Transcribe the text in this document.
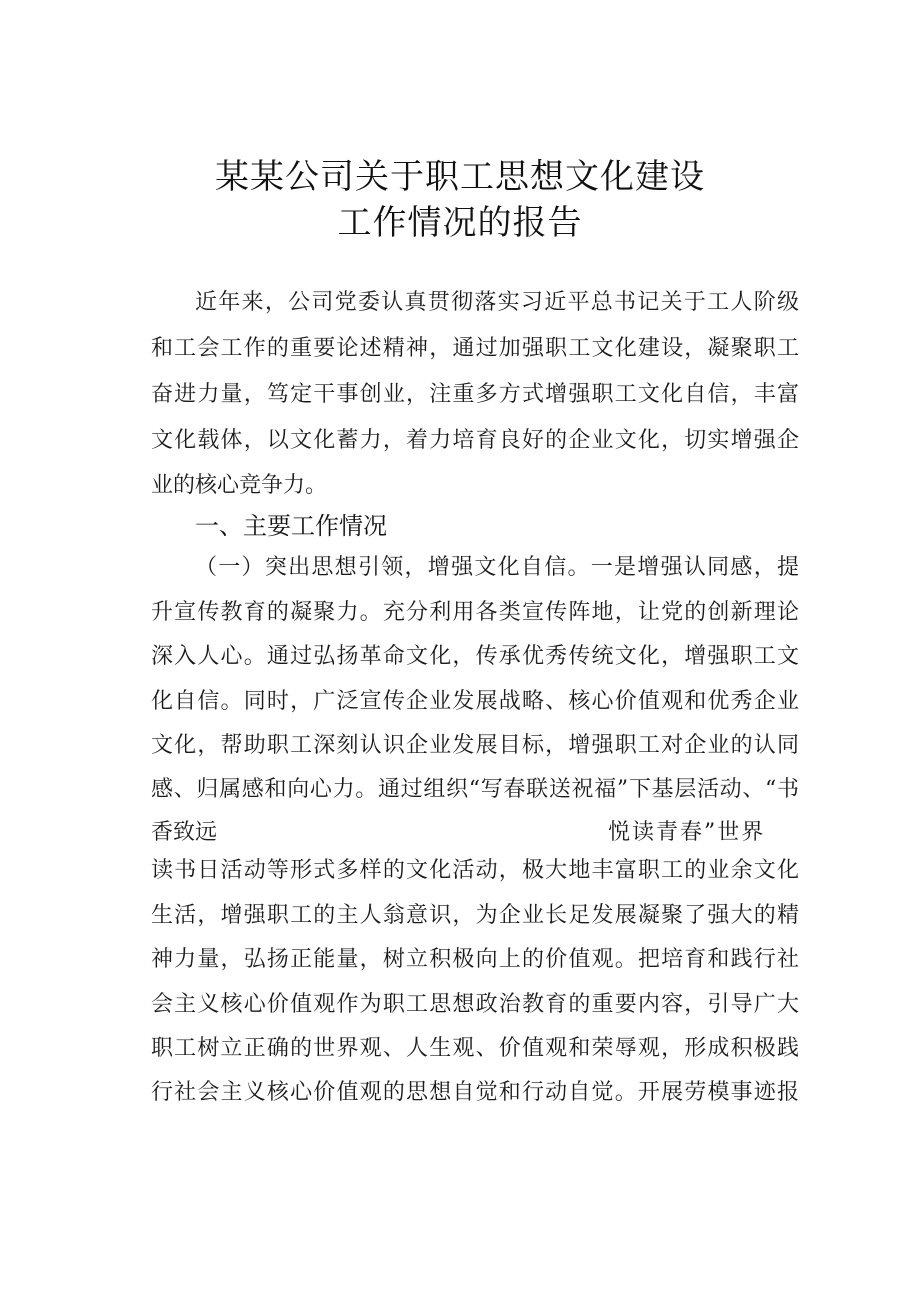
某某公司关于职工思想文化建设
工作情况的报告
近年来，公司党委认真贯彻落实习近平总书记关于工人阶级
和工会工作的重要论述精神，通过加强职工文化建设，凝聚职工
奋进力量，笃定干事创业，注重多方式增强职工文化自信，丰富
文化载体，以文化蓄力，着力培育良好的企业文化，切实增强企
业的核心竞争力。
一、主要工作情况
（一）突出思想引领，增强文化自信。一是增强认同感，提
升宣传教育的凝聚力。充分利用各类宣传阵地，让党的创新理论
深入人心。通过弘扬革命文化，传承优秀传统文化，增强职工文
化自信。同时，广泛宣传企业发展战略、核心价值观和优秀企业
文化，帮助职工深刻认识企业发展目标，增强职工对企业的认同
感、归属感和向心力。通过组织“写春联送祝福”下基层活动、“书
香致远	悦读青春”世界
读书日活动等形式多样的文化活动，极大地丰富职工的业余文化
生活，增强职工的主人翁意识，为企业长足发展凝聚了强大的精
神力量，弘扬正能量，树立积极向上的价值观。把培育和践行社
会主义核心价值观作为职工思想政治教育的重要内容，引导广大
职工树立正确的世界观、人生观、价值观和荣辱观，形成积极践
行社会主义核心价值观的思想自觉和行动自觉。开展劳模事迹报
